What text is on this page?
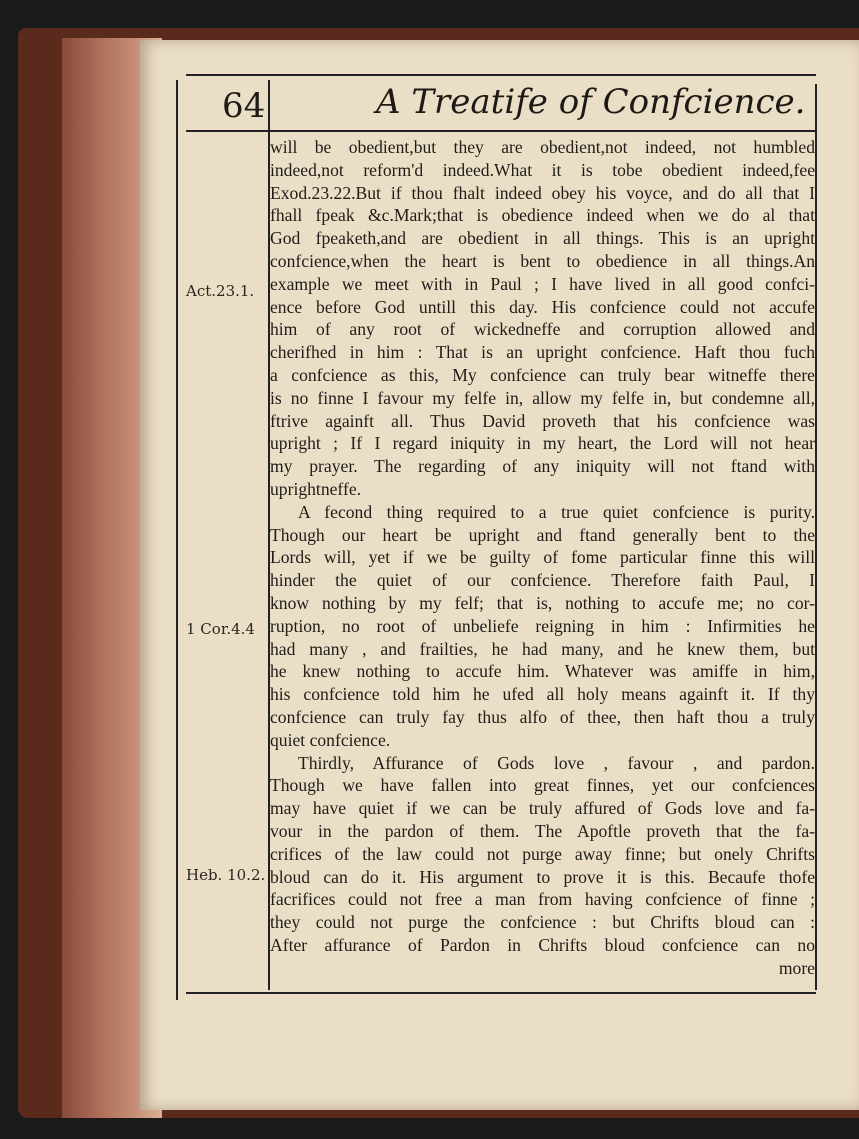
64	A Treatife of Confcience.
Act.23.1.
1 Cor.4.4
Heb. 10.2.
will be obedient,but they are obedient,not indeed, not humbled
indeed,not reform'd indeed.What it is tobe obedient indeed,fee
Exod.23.22.But if thou fhalt indeed obey his voyce, and do all that I
fhall fpeak &c.Mark;that is obedience indeed when we do al that
God fpeaketh,and are obedient in all things. This is an upright
confcience,when the heart is bent to obedience in all things.An
example we meet with in Paul ; I have lived in all good confci-
ence before God untill this day. His confcience could not accufe
him of any root of wickedneffe and corruption allowed and
cherifhed in him : That is an upright confcience. Haft thou fuch
a confcience as this, My confcience can truly bear witneffe there
is no finne I favour my felfe in, allow my felfe in, but condemne all,
ftrive againft all. Thus David proveth that his confcience was
upright ; If I regard iniquity in my heart, the Lord will not hear
my prayer. The regarding of any iniquity will not ftand with
uprightneffe.
A fecond thing required to a true quiet confcience is purity.
Though our heart be upright and ftand generally bent to the
Lords will, yet if we be guilty of fome particular finne this will
hinder the quiet of our confcience. Therefore faith Paul, I
know nothing by my felf; that is, nothing to accufe me; no cor-
ruption, no root of unbeliefe reigning in him : Infirmities he
had many , and frailties, he had many, and he knew them, but
he knew nothing to accufe him. Whatever was amiffe in him,
his confcience told him he ufed all holy means againft it. If thy
confcience can truly fay thus alfo of thee, then haft thou a truly
quiet confcience.
Thirdly, Affurance of Gods love , favour , and pardon.
Though we have fallen into great finnes, yet our confciences
may have quiet if we can be truly affured of Gods love and fa-
vour in the pardon of them. The Apoftle proveth that the fa-
crifices of the law could not purge away finne; but onely Chrifts
bloud can do it. His argument to prove it is this. Becaufe thofe
facrifices could not free a man from having confcience of finne ;
they could not purge the confcience : but Chrifts bloud can :
After affurance of Pardon in Chrifts bloud confcience can no
more
